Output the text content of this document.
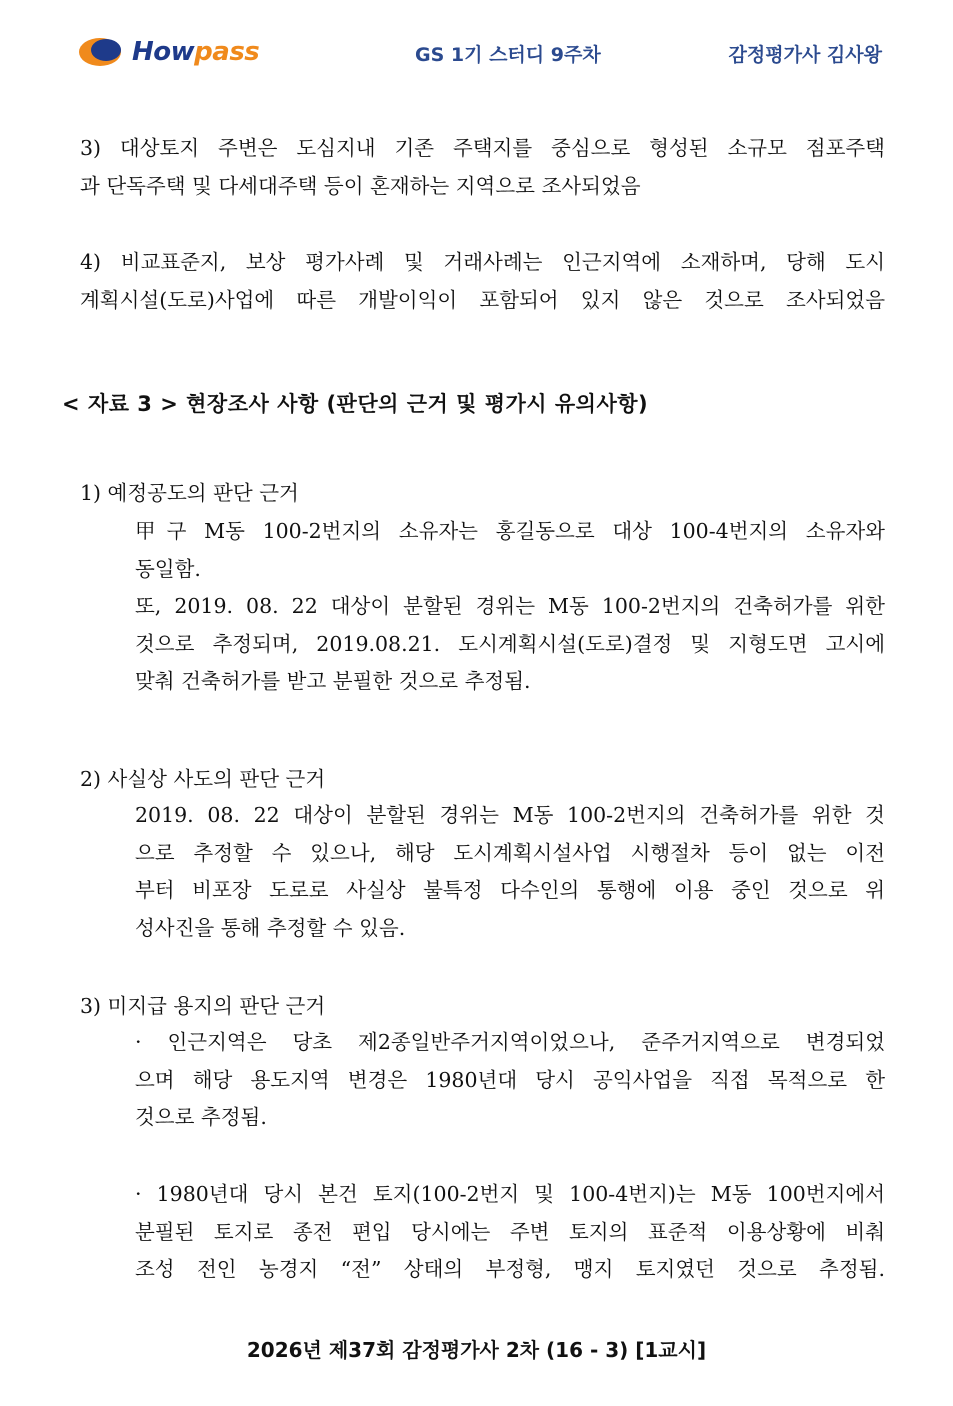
Howpass	GS 1기 스터디 9주차	감정평가사 김사왕
3) 대상토지 주변은 도심지내 기존 주택지를 중심으로 형성된 소규모 점포주택
과 단독주택 및 다세대주택 등이 혼재하는 지역으로 조사되었음
4) 비교표준지, 보상 평가사례 및 거래사례는 인근지역에 소재하며, 당해 도시
계획시설(도로)사업에 따른 개발이익이 포함되어 있지 않은 것으로 조사되었음
< 자료 3 > 현장조사 사항 (판단의 근거 및 평가시 유의사항)
1) 예정공도의 판단 근거
甲구 M동 100-2번지의 소유자는 홍길동으로 대상 100-4번지의 소유자와
동일함.
또, 2019. 08. 22 대상이 분할된 경위는 M동 100-2번지의 건축허가를 위한
것으로 추정되며, 2019.08.21. 도시계획시설(도로)결정 및 지형도면 고시에
맞춰 건축허가를 받고 분필한 것으로 추정됨.
2) 사실상 사도의 판단 근거
2019. 08. 22 대상이 분할된 경위는 M동 100-2번지의 건축허가를 위한 것
으로 추정할 수 있으나, 해당 도시계획시설사업 시행절차 등이 없는 이전
부터 비포장 도로로 사실상 불특정 다수인의 통행에 이용 중인 것으로 위
성사진을 통해 추정할 수 있음.
3) 미지급 용지의 판단 근거
· 인근지역은 당초 제2종일반주거지역이었으나, 준주거지역으로 변경되었
으며 해당 용도지역 변경은 1980년대 당시 공익사업을 직접 목적으로 한
것으로 추정됨.
· 1980년대 당시 본건 토지(100-2번지 및 100-4번지)는 M동 100번지에서
분필된 토지로 종전 편입 당시에는 주변 토지의 표준적 이용상황에 비춰
조성 전인 농경지 “전” 상태의 부정형, 맹지 토지였던 것으로 추정됨.
2026년 제37회 감정평가사 2차 (16 - 3) [1교시]
